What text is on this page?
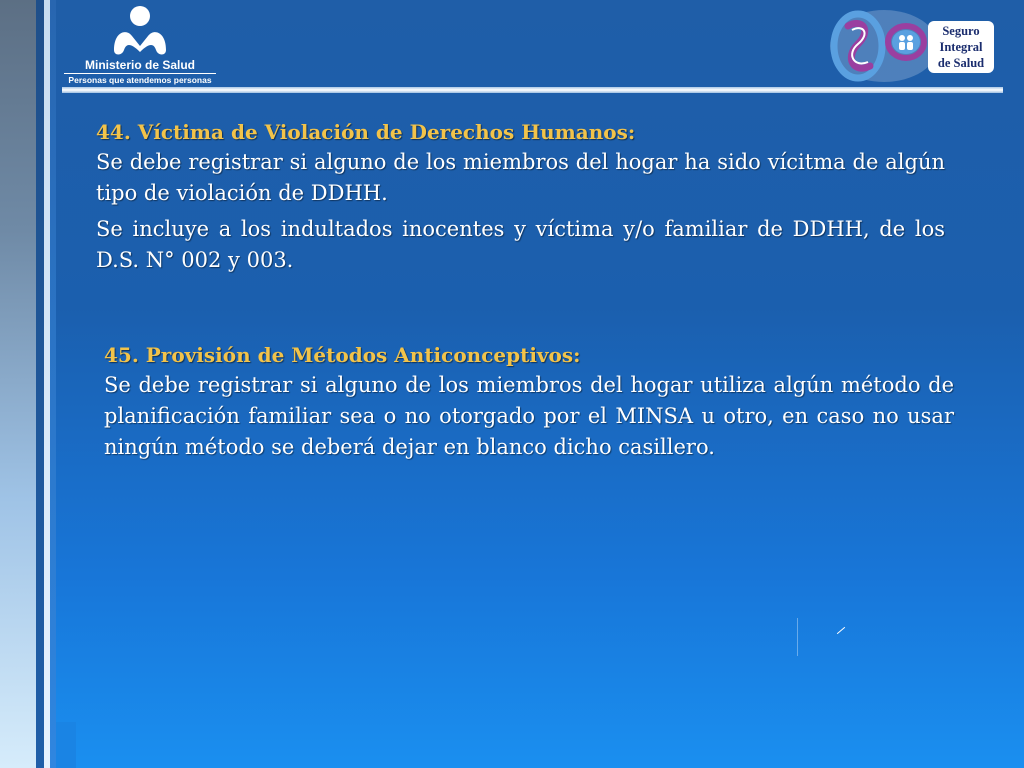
Ministerio de Salud
Personas que atendemos personas
Seguro
Integral
de Salud
44. Víctima de Violación de Derechos Humanos:

Se debe registrar si alguno de los miembros del hogar ha sido vícitma de algún tipo de violación de DDHH.

Se incluye a los indultados inocentes y víctima y/o familiar de DDHH, de los D.S. N° 002 y 003.

45. Provisión de Métodos Anticonceptivos:

Se debe registrar si alguno de los miembros del hogar utiliza algún método de planificación familiar sea o no otorgado por el MINSA u otro, en caso no usar ningún método se deberá dejar en blanco dicho casillero.
